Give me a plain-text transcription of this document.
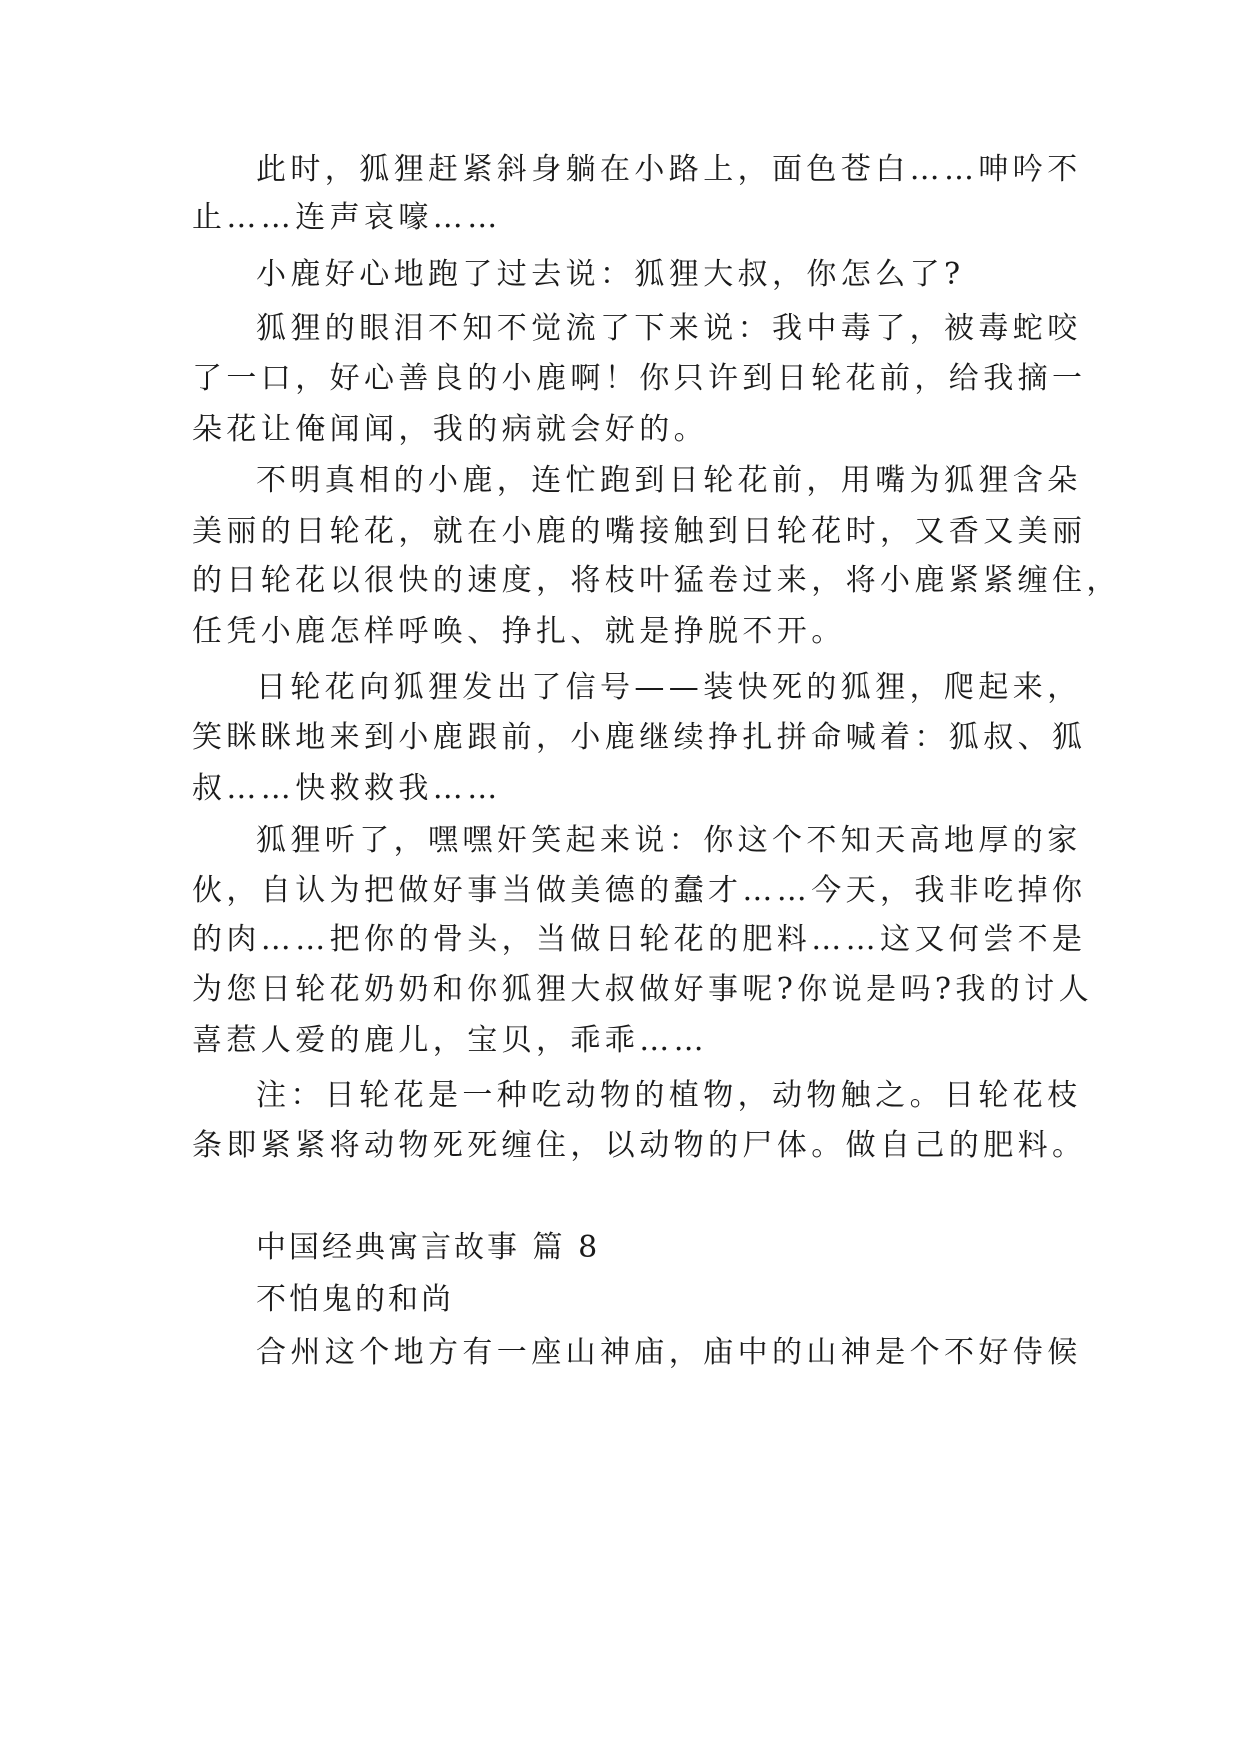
此时，狐狸赶紧斜身躺在小路上，面色苍白……呻吟不
止……连声哀嚎……
小鹿好心地跑了过去说：狐狸大叔，你怎么了?
狐狸的眼泪不知不觉流了下来说：我中毒了，被毒蛇咬
了一口，好心善良的小鹿啊！你只许到日轮花前，给我摘一
朵花让俺闻闻，我的病就会好的。
不明真相的小鹿，连忙跑到日轮花前，用嘴为狐狸含朵
美丽的日轮花，就在小鹿的嘴接触到日轮花时，又香又美丽
的日轮花以很快的速度，将枝叶猛卷过来，将小鹿紧紧缠住，
任凭小鹿怎样呼唤、挣扎、就是挣脱不开。
日轮花向狐狸发出了信号——装快死的狐狸，爬起来，
笑眯眯地来到小鹿跟前，小鹿继续挣扎拼命喊着：狐叔、狐
叔……快救救我……
狐狸听了，嘿嘿奸笑起来说：你这个不知天高地厚的家
伙，自认为把做好事当做美德的蠢才……今天，我非吃掉你
的肉……把你的骨头，当做日轮花的肥料……这又何尝不是
为您日轮花奶奶和你狐狸大叔做好事呢?你说是吗?我的讨人
喜惹人爱的鹿儿，宝贝，乖乖……
注：日轮花是一种吃动物的植物，动物触之。日轮花枝
条即紧紧将动物死死缠住，以动物的尸体。做自己的肥料。
中国经典寓言故事 篇 8
不怕鬼的和尚
合州这个地方有一座山神庙，庙中的山神是个不好侍候
